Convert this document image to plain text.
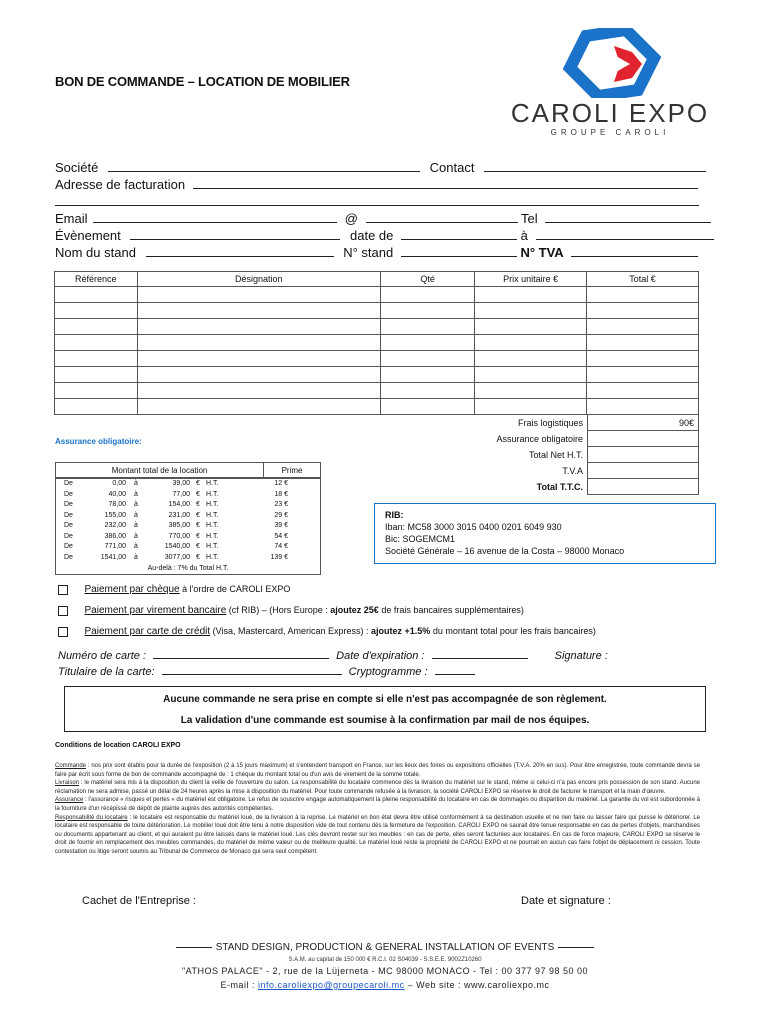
BON DE COMMANDE – LOCATION DE MOBILIER
CAROLI EXPO
GROUPE CAROLI
Société	Contact
Adresse de facturation
Email	@	Tel
Évènement	date de	à
Nom du stand	N° stand	N° TVA
Référence	Désignation	Qté	Prix unitaire €	Total €

Frais logistiques	90€
Assurance obligatoire	
Total Net H.T.	
T.V.A	
Total T.T.C.	
Assurance obligatoire:
Montant total de la location	Prime
De	0,00	à	39,00 € H.T.	12 €
De	40,00	à	77,00 € H.T.	18 €
De	78,00	à	154,00 € H.T.	23 €
De	155,00	à	231,00 € H.T.	29 €
De	232,00	à	385,00 € H.T.	39 €
De	386,00	à	770,00 € H.T.	54 €
De	771,00	à	1540,00 € H.T.	74 €
De	1541,00	à	3077,00 € H.T.	139 €
Au-delà : 7% du Total H.T.
RIB:
Iban: MC58 3000 3015 0400 0201 6049 930
Bic: SOGEMCM1
Société Générale – 16 avenue de la Costa – 98000 Monaco
Paiement par chèque à l'ordre de CAROLI EXPO
Paiement par virement bancaire (cf RIB) – (Hors Europe : ajoutez 25€ de frais bancaires supplémentaires)
Paiement par carte de crédit (Visa, Mastercard, American Express) : ajoutez +1.5% du montant total pour les frais bancaires)
Numéro de carte :	Date d'expiration :	Signature :
Titulaire de la carte:	Cryptogramme :
Aucune commande ne sera prise en compte si elle n'est pas accompagnée de son règlement.
La validation d'une commande est soumise à la confirmation par mail de nos équipes.
Conditions de location CAROLI EXPO
Commande : nos prix sont établis pour la durée de l'exposition (2 à 15 jours maximum) et s'entendent transport en France, sur les lieux des foires ou expositions officielles (T.V.A. 20% en sus). Pour être enregistrée, toute commande devra se faire par écrit sous forme de bon de commande accompagné de : 1 chèque du montant total ou d'un avis de virement de la somme totale.
Livraison : le matériel sera mis à la disposition du client la veille de l'ouverture du salon. La responsabilité du locataire commence dès la livraison du matériel sur le stand, même si celui-ci n'a pas encore pris possession de son stand. Aucune réclamation ne sera admise, passé un délai de 24 heures après la mise à disposition du matériel. Pour toute commande refusée à la livraison, la société CAROLI EXPO se réserve le droit de facturer le transport et la main d'œuvre.
Assurance : l'assurance « risques et pertes » du matériel est obligatoire. Le refus de souscrire engage automatiquement la pleine responsabilité du locataire en cas de dommages ou disparition du matériel. La garantie du vol est subordonnée à la fourniture d'un récépissé de dépôt de plainte auprès des autorités compétentes.
Responsabilité du locataire : le locataire est responsable du matériel loué, de la livraison à la reprise. Le matériel en bon état devra être utilisé conformément à sa destination usuelle et ne rien faire ou laisser faire qui puisse le détériorer. Le locataire est responsable de toute détérioration. Le mobilier loué doit être tenu à notre disposition vide de tout contenu dès la fermeture de l'exposition. CAROLI EXPO ne saurait être tenue responsable en cas de pertes d'objets, marchandises ou documents appartenant au client, et qui auraient pu être laissés dans le matériel loué. Les clés devront rester sur les meubles : en cas de perte, elles seront facturées aux locataires. En cas de force majeure, CAROLI EXPO se réserve le droit de fournir en remplacement des meubles commandés, du matériel de même valeur ou de meilleure qualité. Le matériel loué reste la propriété de CAROLI EXPO et ne pourrait en aucun cas faire l'objet de déplacement ni cession. Toute contestation ou litige seront soumis au Tribunal de Commerce de Monaco qui sera seul compétent.
Cachet de l'Entreprise :	Date et signature :
STAND DESIGN, PRODUCTION & GENERAL INSTALLATION OF EVENTS
S.A.M. au capital de 150 000 € R.C.I. 02 S04039 - S.S.E.E. 9002Z10260
"ATHOS PALACE" - 2, rue de la Lüjerneta - MC 98000 MONACO - Tel : 00 377 97 98 50 00
E-mail : info.caroliexpo@groupecaroli.mc – Web site : www.caroliexpo.mc
